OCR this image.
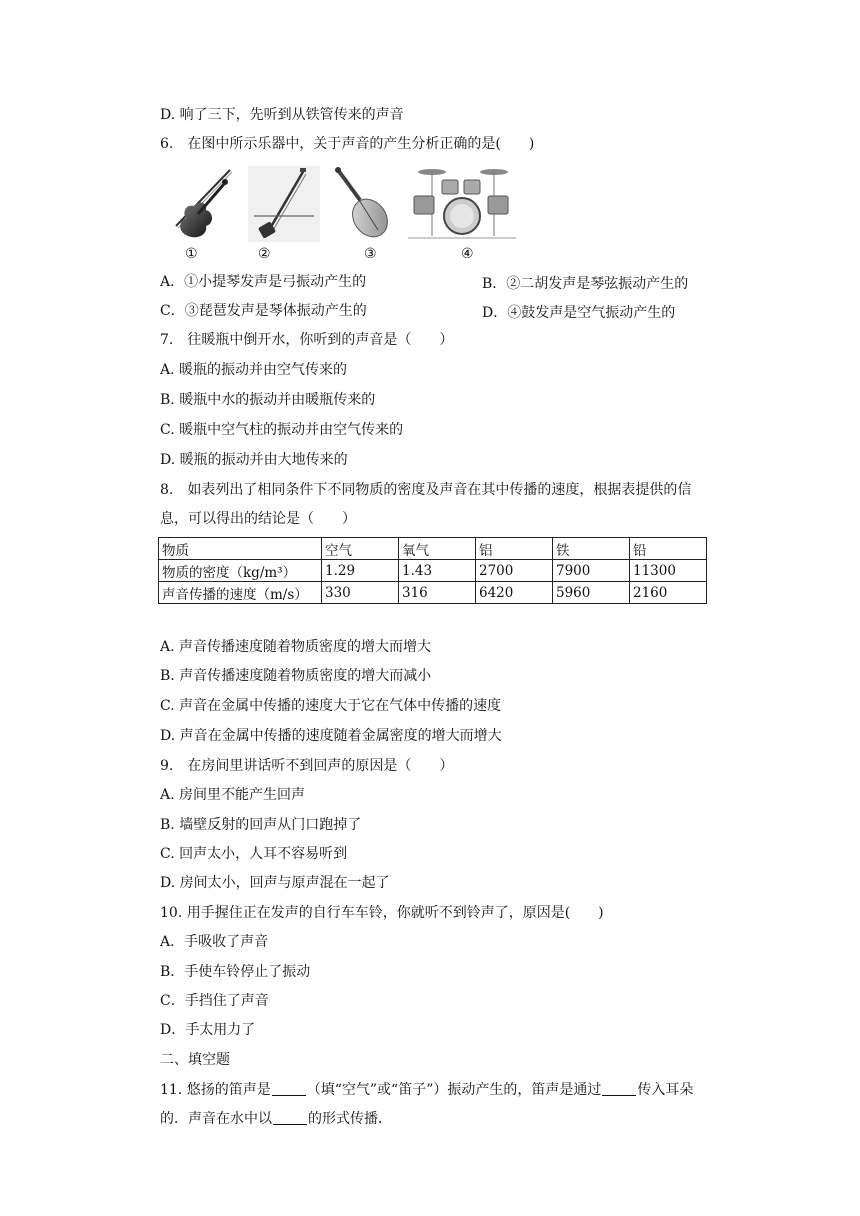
D. 响了三下，先听到从铁管传来的声音
6.　在图中所示乐器中，关于声音的产生分析正确的是(　　)
①	②	③	④
A．①小提琴发声是弓振动产生的	B．②二胡发声是琴弦振动产生的
C．③琵琶发声是琴体振动产生的	D．④鼓发声是空气振动产生的
7.　往暖瓶中倒开水，你听到的声音是（　　）
A. 暖瓶的振动并由空气传来的
B. 暖瓶中水的振动并由暖瓶传来的
C. 暖瓶中空气柱的振动并由空气传来的
D. 暖瓶的振动并由大地传来的
8.　如表列出了相同条件下不同物质的密度及声音在其中传播的速度，根据表提供的信
息，可以得出的结论是（　　）
物质	空气	氧气	铝	铁	铅
物质的密度（kg/m³）	1.29	1.43	2700	7900	11300
声音传播的速度（m/s）	330	316	6420	5960	2160
A. 声音传播速度随着物质密度的增大而增大
B. 声音传播速度随着物质密度的增大而减小
C. 声音在金属中传播的速度大于它在气体中传播的速度
D. 声音在金属中传播的速度随着金属密度的增大而增大
9.　在房间里讲话听不到回声的原因是（　　）
A. 房间里不能产生回声
B. 墙壁反射的回声从门口跑掉了
C. 回声太小，人耳不容易听到
D. 房间太小，回声与原声混在一起了
10. 用手握住正在发声的自行车车铃，你就听不到铃声了，原因是(　　)
A．手吸收了声音
B．手使车铃停止了振动
C．手挡住了声音
D．手太用力了
二、填空题
11. 悠扬的笛声是	（填“空气”或“笛子”）振动产生的，笛声是通过	传入耳朵
的．声音在水中以	的形式传播．
